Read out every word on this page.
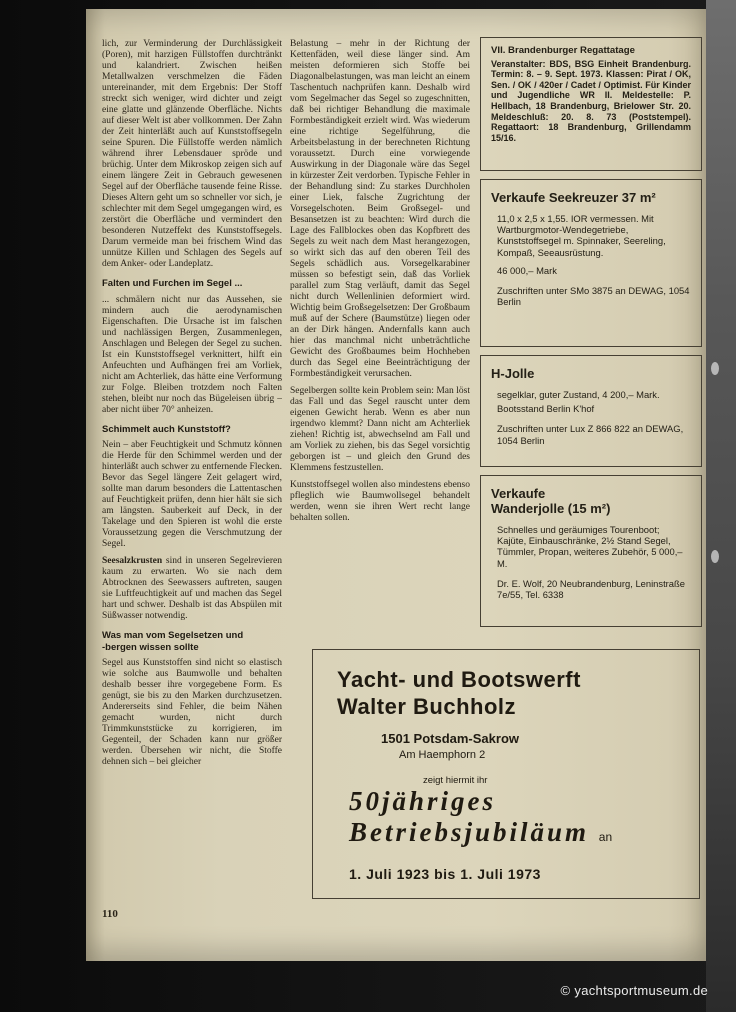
lich, zur Verminderung der Durchlässigkeit (Poren), mit harzigen Füllstoffen durchtränkt und kalandriert. Zwischen heißen Metallwalzen verschmelzen die Fäden untereinander, mit dem Ergebnis: Der Stoff streckt sich weniger, wird dichter und zeigt eine glatte und glänzende Oberfläche. Nichts auf dieser Welt ist aber vollkommen. Der Zahn der Zeit hinterläßt auch auf Kunststoffsegeln seine Spuren. Die Füllstoffe werden nämlich während ihrer Lebensdauer spröde und brüchig. Unter dem Mikroskop zeigen sich auf einem längere Zeit in Gebrauch gewesenen Segel auf der Oberfläche tausende feine Risse. Dieses Altern geht um so schneller vor sich, je schlechter mit dem Segel umgegangen wird, es zerstört die Oberfläche und vermindert den besonderen Nutzeffekt des Kunststoffsegels. Darum vermeide man bei frischem Wind das unnütze Killen und Schlagen des Segels auf dem Anker- oder Landeplatz.

Falten und Furchen im Segel ...

... schmälern nicht nur das Aussehen, sie mindern auch die aerodynamischen Eigenschaften. Die Ursache ist im falschen und nachlässigen Bergen, Zusammenlegen, Anschlagen und Belegen der Segel zu suchen. Ist ein Kunststoffsegel verknittert, hilft ein Anfeuchten und Aufhängen frei am Vorliek, nicht am Achterliek, das hätte eine Verformung zur Folge. Bleiben trotzdem noch Falten stehen, bleibt nur noch das Bügeleisen übrig – aber nicht über 70° anheizen.

Schimmelt auch Kunststoff?

Nein – aber Feuchtigkeit und Schmutz können die Herde für den Schimmel werden und der hinterläßt auch schwer zu entfernende Flecken. Bevor das Segel längere Zeit gelagert wird, sollte man darum besonders die Lattentaschen auf Feuchtigkeit prüfen, denn hier hält sie sich am längsten. Sauberkeit auf Deck, in der Takelage und den Spieren ist wohl die erste Voraussetzung gegen die Verschmutzung der Segel.

Seesalzkrusten sind in unseren Segelrevieren kaum zu erwarten. Wo sie nach dem Abtrocknen des Seewassers auftreten, saugen sie Luftfeuchtigkeit auf und machen das Segel hart und schwer. Deshalb ist das Abspülen mit Süßwasser notwendig.

Was man vom Segelsetzen und
-bergen wissen sollte

Segel aus Kunststoffen sind nicht so elastisch wie solche aus Baumwolle und behalten deshalb besser ihre vorgegebene Form. Es genügt, sie bis zu den Marken durchzusetzen. Andererseits sind Fehler, die beim Nähen gemacht wurden, nicht durch Trimmkunststücke zu korrigieren, im Gegenteil, der Schaden kann nur größer werden. Übersehen wir nicht, die Stoffe dehnen sich – bei gleicher

Belastung – mehr in der Richtung der Kettenfäden, weil diese länger sind. Am meisten deformieren sich Stoffe bei Diagonalbelastungen, was man leicht an einem Taschentuch nachprüfen kann. Deshalb wird vom Segelmacher das Segel so zugeschnitten, daß bei richtiger Behandlung die maximale Formbeständigkeit erzielt wird. Was wiederum eine richtige Segelführung, die Arbeitsbelastung in der berechneten Richtung voraussetzt. Durch eine vorwiegende Auswirkung in der Diagonale wäre das Segel in kürzester Zeit verdorben. Typische Fehler in der Behandlung sind: Zu starkes Durchholen einer Liek, falsche Zugrichtung der Vorsegelschoten. Beim Großsegel- und Besansetzen ist zu beachten: Wird durch die Lage des Fallblockes oben das Kopfbrett des Segels zu weit nach dem Mast herangezogen, so wirkt sich das auf den oberen Teil des Segels schädlich aus. Vorsegelkarabiner müssen so befestigt sein, daß das Vorliek parallel zum Stag verläuft, damit das Segel nicht durch Wellenlinien deformiert wird. Wichtig beim Großsegelsetzen: Der Großbaum muß auf der Schere (Baumstütze) liegen oder an der Dirk hängen. Andernfalls kann auch hier das manchmal nicht unbeträchtliche Gewicht des Großbaumes beim Hochheben durch das Segel eine Beeinträchtigung der Formbeständigkeit verursachen.

Segelbergen sollte kein Problem sein: Man löst das Fall und das Segel rauscht unter dem eigenen Gewicht herab. Wenn es aber nun irgendwo klemmt? Dann nicht am Achterliek ziehen! Richtig ist, abwechselnd am Fall und am Vorliek zu ziehen, bis das Segel vorsichtig geborgen ist – und gleich den Grund des Klemmens festzustellen.

Kunststoffsegel wollen also mindestens ebenso pfleglich wie Baumwollsegel behandelt werden, wenn sie ihren Wert recht lange behalten sollen.

VII. Brandenburger Regattatage

Veranstalter: BDS, BSG Einheit Brandenburg. Termin: 8. – 9. Sept. 1973. Klassen: Pirat / OK, Sen. / OK / 420er / Cadet / Optimist. Für Kinder und Jugendliche WR II. Meldestelle: P. Hellbach, 18 Brandenburg, Brielower Str. 20. Meldeschluß: 20. 8. 73 (Poststempel). Regattaort: 18 Brandenburg, Grillendamm 15/16.

Verkaufe Seekreuzer 37 m²

11,0 x 2,5 x 1,55. IOR vermessen. Mit Wartburgmotor-Wendegetriebe, Kunststoffsegel m. Spinnaker, Seereling, Kompaß, Seeausrüstung.

46 000,– Mark

Zuschriften unter SMo 3875 an DEWAG, 1054 Berlin

H-Jolle

segelklar, guter Zustand, 4 200,– Mark.

Bootsstand Berlin K'hof

Zuschriften unter Lux Z 866 822 an DEWAG, 1054 Berlin

Verkaufe
Wanderjolle (15 m²)

Schnelles und geräumiges Tourenboot; Kajüte, Einbauschränke, 2½ Stand Segel, Tümmler, Propan, weiteres Zubehör, 5 000,– M.

Dr. E. Wolf, 20 Neubrandenburg, Leninstraße 7e/55, Tel. 6338

Yacht- und Bootswerft
Walter Buchholz
1501 Potsdam-Sakrow
Am Haemphorn 2
zeigt hiermit ihr
50jähriges
Betriebsjubiläum an
1. Juli 1923 bis 1. Juli 1973
110
© yachtsportmuseum.de
